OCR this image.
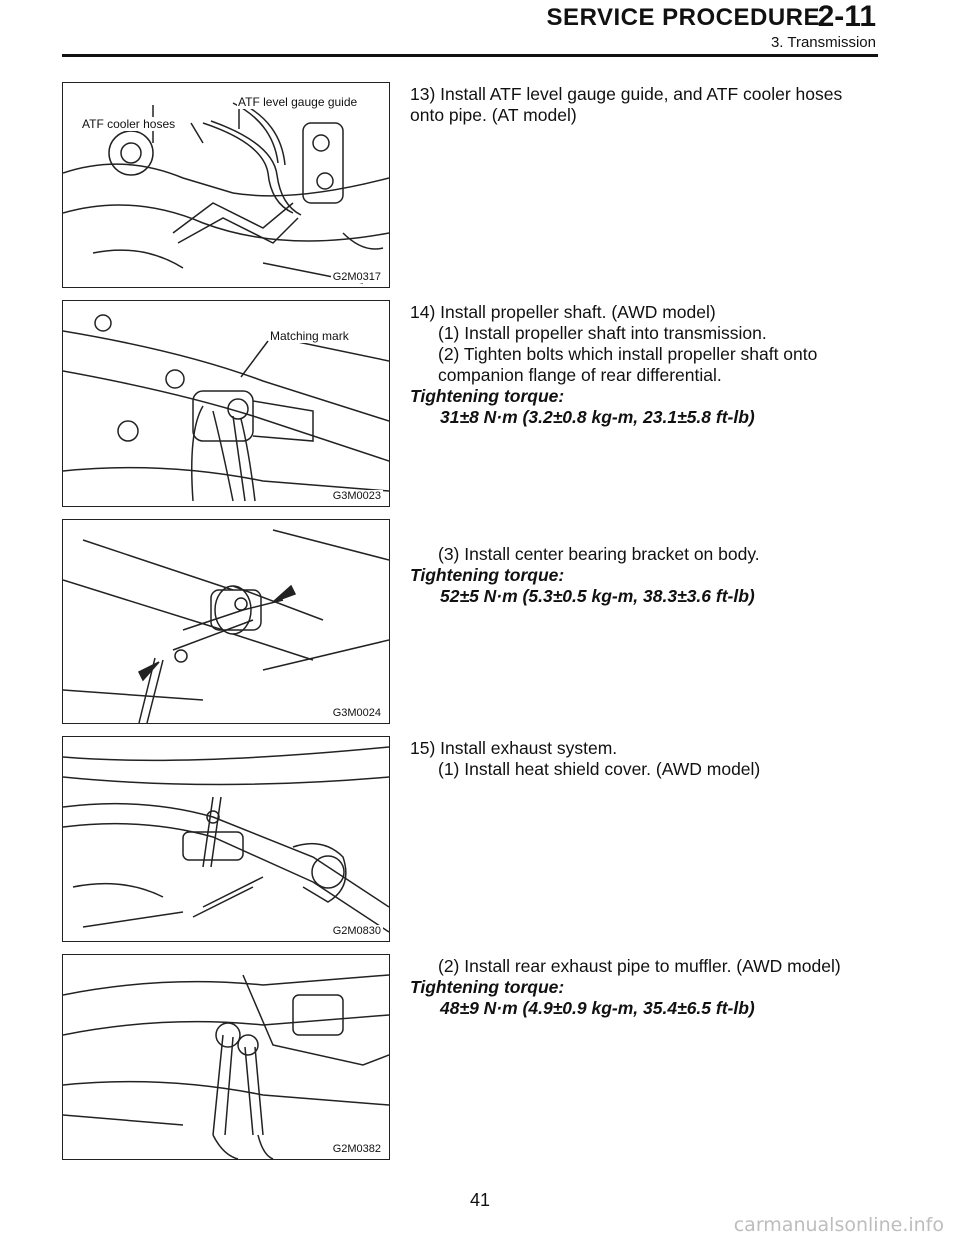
SERVICE PROCEDURE
2-11
3. Transmission
ATF cooler hoses
ATF level gauge guide
G2M0317
Matching mark
G3M0023
G3M0024
G2M0830
G2M0382
13) Install ATF level gauge guide, and ATF cooler hoses onto pipe. (AT model)
14) Install propeller shaft. (AWD model)
(1) Install propeller shaft into transmission.
(2) Tighten bolts which install propeller shaft onto companion flange of rear differential.
Tightening torque:
31±8 N·m (3.2±0.8 kg-m, 23.1±5.8 ft-lb)
(3) Install center bearing bracket on body.
Tightening torque:
52±5 N·m (5.3±0.5 kg-m, 38.3±3.6 ft-lb)
15) Install exhaust system.
(1) Install heat shield cover. (AWD model)
(2) Install rear exhaust pipe to muffler. (AWD model)
Tightening torque:
48±9 N·m (4.9±0.9 kg-m, 35.4±6.5 ft-lb)
41
carmanualsonline.info
